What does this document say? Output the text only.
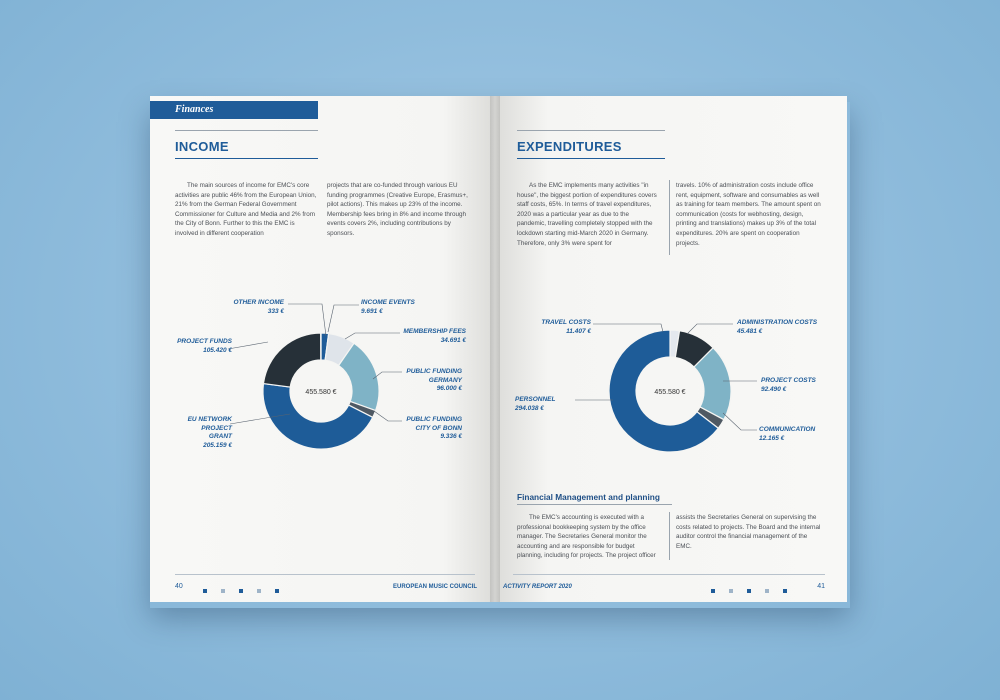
Finances
INCOME

The main sources of income for EMC's core activities are public 46% from the European Union, 21% from the German Federal Government Commissioner for Culture and Media and 2% from the City of Bonn. Further to this the EMC is involved in different cooperation

projects that are co-funded through various EU funding programmes (Creative Europe, Erasmus+, pilot actions). This makes up 23% of the income. Membership fees bring in 8% and income through events covers 2%, including contributions by sponsors.

455.580 €
OTHER INCOME
333 €
INCOME EVENTS
9.691 €
MEMBERSHIP FEES
34.691 €
PUBLIC FUNDING GERMANY
96.000 €
PUBLIC FUNDING CITY OF BONN
9.336 €
PROJECT FUNDS
105.420 €
EU NETWORK PROJECT GRANT
205.159 €
40	EUROPEAN MUSIC COUNCIL
EXPENDITURES

As the EMC implements many activities "in house", the biggest portion of expenditures covers staff costs, 65%. In terms of travel expenditures, 2020 was a particular year as due to the pandemic, travelling completely stopped with the lockdown starting mid-March 2020 in Germany. Therefore, only 3% were spent for

travels. 10% of administration costs include office rent, equipment, software and consumables as well as training for team members. The amount spent on communication (costs for webhosting, design, printing and translations) makes up 3% of the total expenditures. 20% are spent on cooperation projects.

455.580 €
TRAVEL COSTS
11.407 €
ADMINISTRATION COSTS
45.481 €
PROJECT COSTS
92.490 €
COMMUNICATION
12.165 €
PERSONNEL
294.038 €
Financial Management and planning

The EMC's accounting is executed with a professional bookkeeping system by the office manager. The Secretaries General monitor the accounting and are responsible for budget planning, including for projects. The project officer

assists the Secretaries General on supervising the costs related to projects. The Board and the internal auditor control the financial management of the EMC.

ACTIVITY REPORT 2020	41
